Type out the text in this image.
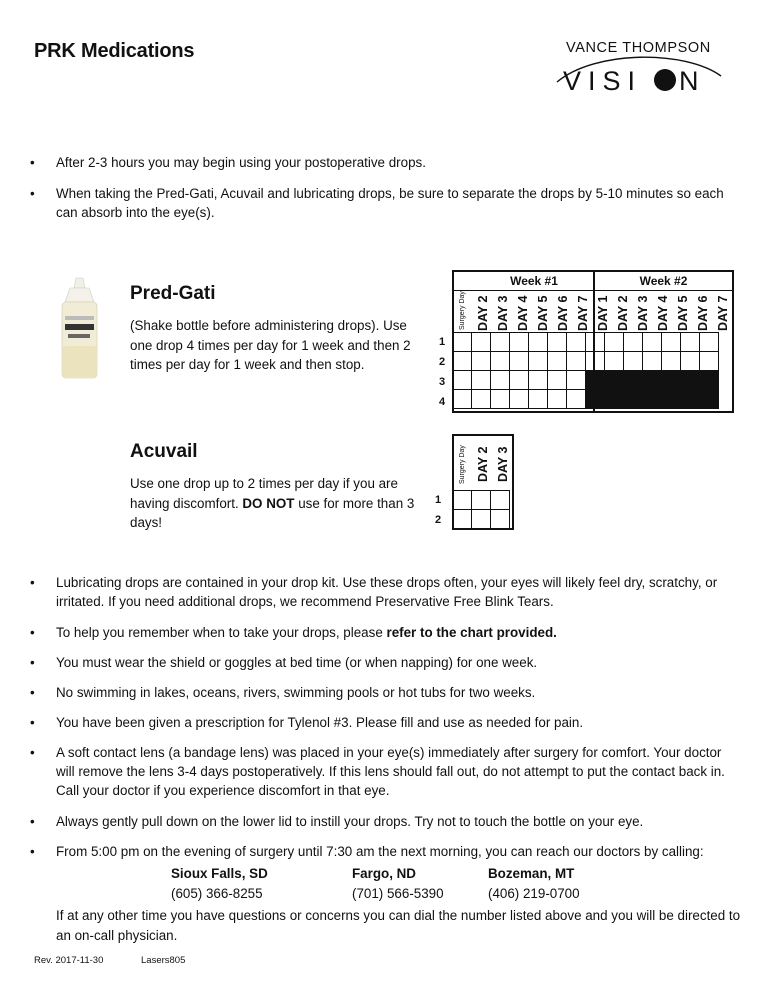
PRK Medications	VANCE THOMPSON
VISI N
• After 2-3 hours you may begin using your postoperative drops.
• When taking the Pred-Gati, Acuvail and lubricating drops, be sure to separate the drops by 5-10 minutes so each can absorb into the eye(s).
Pred-Gati
(Shake bottle before administering drops). Use one drop 4 times per day for 1 week and then 2 times per day for 1 week and then stop.
Week #1	Week #2
Surgery Day DAY 2 DAY 3 DAY 4 DAY 5 DAY 6 DAY 7 DAY 1 DAY 2 DAY 3 DAY 4 DAY 5 DAY 6 DAY 7

1
2
3
4
Acuvail
Use one drop up to 2 times per day if you are having discomfort. DO NOT use for more than 3 days!
Surgery Day DAY 2 DAY 3

1
2
• Lubricating drops are contained in your drop kit. Use these drops often, your eyes will likely feel dry, scratchy, or irritated. If you need additional drops, we recommend Preservative Free Blink Tears.
• To help you remember when to take your drops, please refer to the chart provided.
• You must wear the shield or goggles at bed time (or when napping) for one week.
• No swimming in lakes, oceans, rivers, swimming pools or hot tubs for two weeks.
• You have been given a prescription for Tylenol #3. Please fill and use as needed for pain.
• A soft contact lens (a bandage lens) was placed in your eye(s) immediately after surgery for comfort. Your doctor will remove the lens 3-4 days postoperatively. If this lens should fall out, do not attempt to put the contact back in. Call your doctor if you experience discomfort in that eye.
• Always gently pull down on the lower lid to instill your drops. Try not to touch the bottle on your eye.
• From 5:00 pm on the evening of surgery until 7:30 am the next morning, you can reach our doctors by calling:
Sioux Falls, SD
(605) 366-8255
Fargo, ND
(701) 566-5390
Bozeman, MT
(406) 219-0700
If at any other time you have questions or concerns you can dial the number listed above and you will be directed to an on-call physician.
Rev. 2017-11-30	Lasers805
